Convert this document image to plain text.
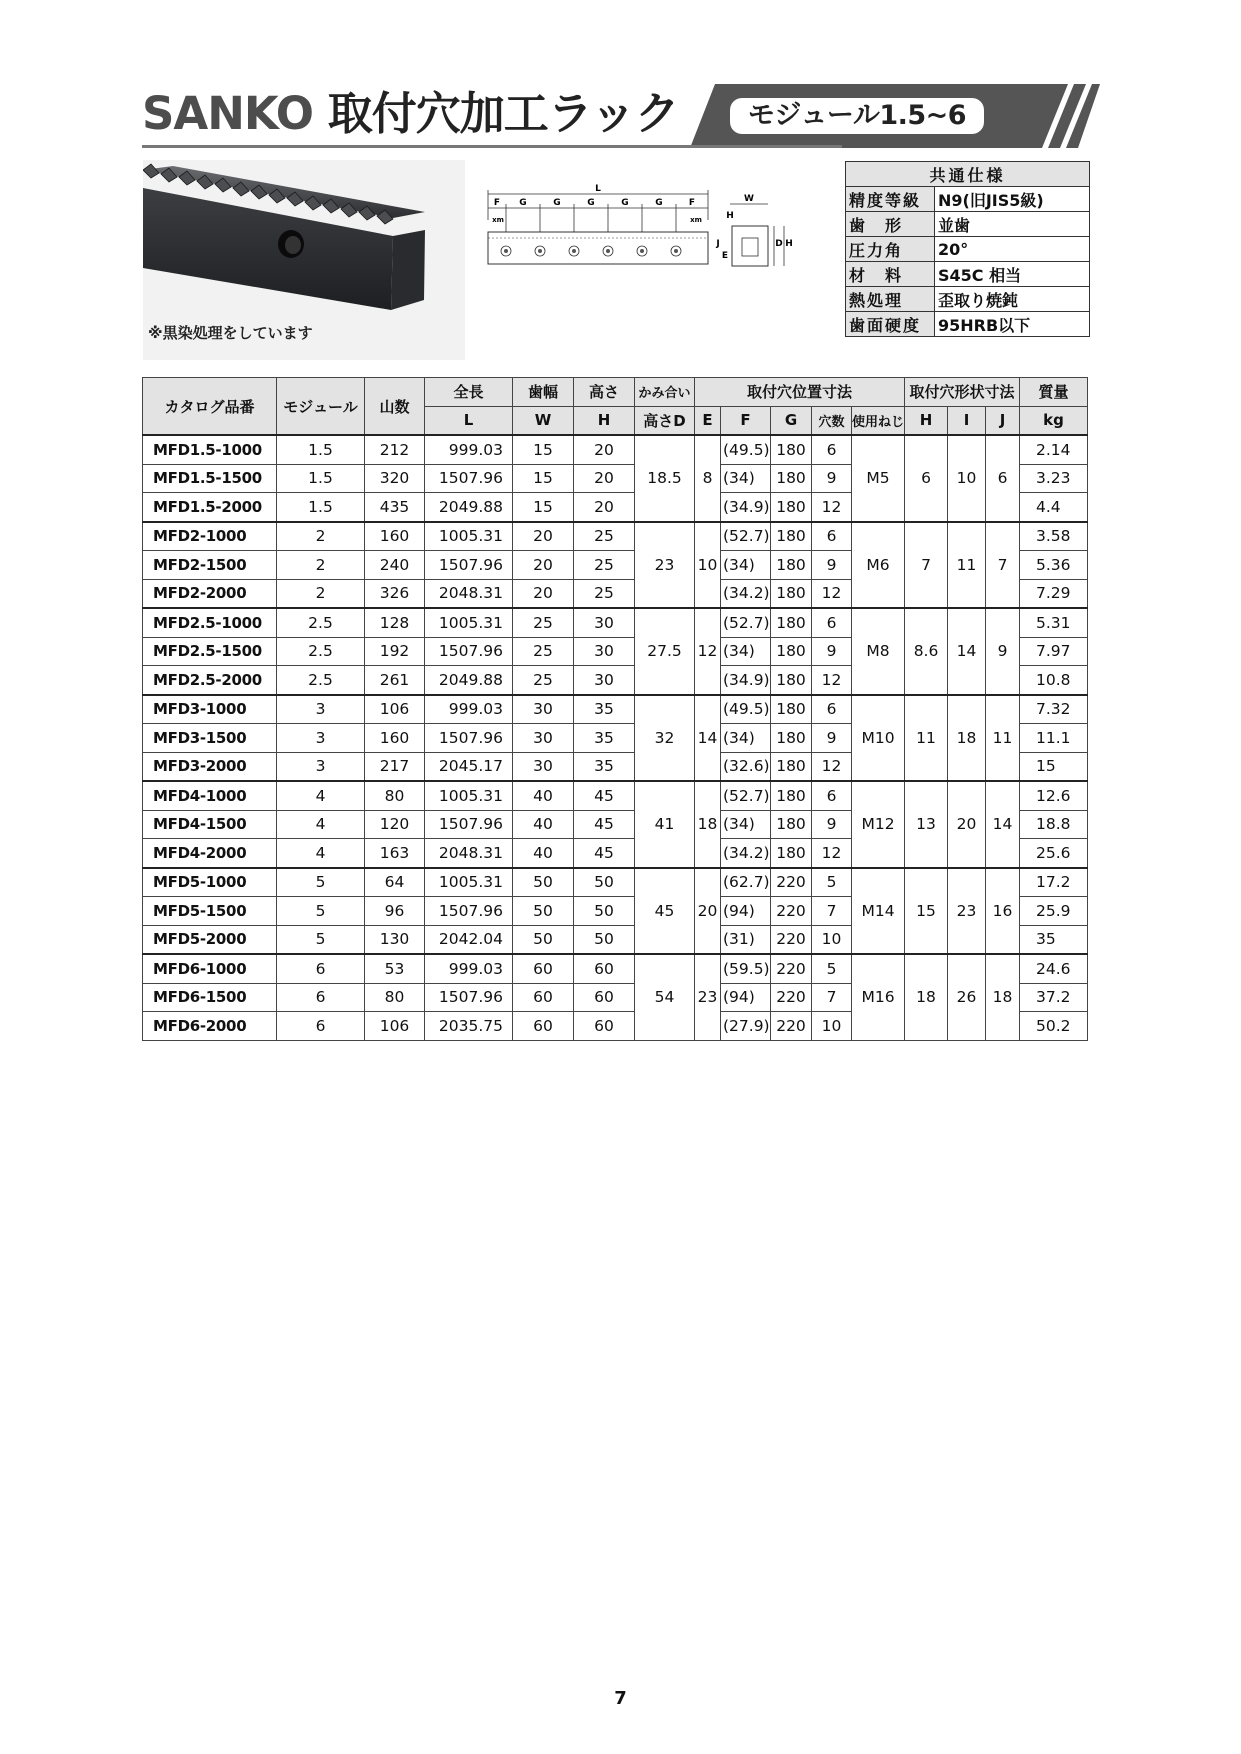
SANKO 取付穴加工ラック	モジュール1.5~6
※黒染処理をしています
L
F G	G	G	G	G	F
xm	xm
W
H
D H
J
E
共通仕様	
精度等級	N9(旧JIS5級)
歯　形	並歯
圧力角	20°
材　料	S45C 相当
熱処理	歪取り焼鈍
歯面硬度	95HRB以下
カタログ品番	モジュール	山数	全長	歯幅	高さ	かみ合い	取付穴位置寸法					取付穴形状寸法			質量
			L	W	H	高さD	E	F	G	穴数	使用ねじ	H	I	J	kg
MFD1.5-1000	1.5	212	999.03	15	20	18.5	8	(49.5)	180	6	M5	6	10	6	2.14
MFD1.5-1500	1.5	320	1507.96	15	20			(34)	180	9					3.23
MFD1.5-2000	1.5	435	2049.88	15	20			(34.9)	180	12					4.4
MFD2-1000	2	160	1005.31	20	25	23	10	(52.7)	180	6	M6	7	11	7	3.58
MFD2-1500	2	240	1507.96	20	25			(34)	180	9					5.36
MFD2-2000	2	326	2048.31	20	25			(34.2)	180	12					7.29
MFD2.5-1000	2.5	128	1005.31	25	30	27.5	12	(52.7)	180	6	M8	8.6	14	9	5.31
MFD2.5-1500	2.5	192	1507.96	25	30			(34)	180	9					7.97
MFD2.5-2000	2.5	261	2049.88	25	30			(34.9)	180	12					10.8
MFD3-1000	3	106	999.03	30	35	32	14	(49.5)	180	6	M10	11	18	11	7.32
MFD3-1500	3	160	1507.96	30	35			(34)	180	9					11.1
MFD3-2000	3	217	2045.17	30	35			(32.6)	180	12					15
MFD4-1000	4	80	1005.31	40	45	41	18	(52.7)	180	6	M12	13	20	14	12.6
MFD4-1500	4	120	1507.96	40	45			(34)	180	9					18.8
MFD4-2000	4	163	2048.31	40	45			(34.2)	180	12					25.6
MFD5-1000	5	64	1005.31	50	50	45	20	(62.7)	220	5	M14	15	23	16	17.2
MFD5-1500	5	96	1507.96	50	50			(94)	220	7					25.9
MFD5-2000	5	130	2042.04	50	50			(31)	220	10					35
MFD6-1000	6	53	999.03	60	60	54	23	(59.5)	220	5	M16	18	26	18	24.6
MFD6-1500	6	80	1507.96	60	60			(94)	220	7					37.2
MFD6-2000	6	106	2035.75	60	60			(27.9)	220	10					50.2
7
